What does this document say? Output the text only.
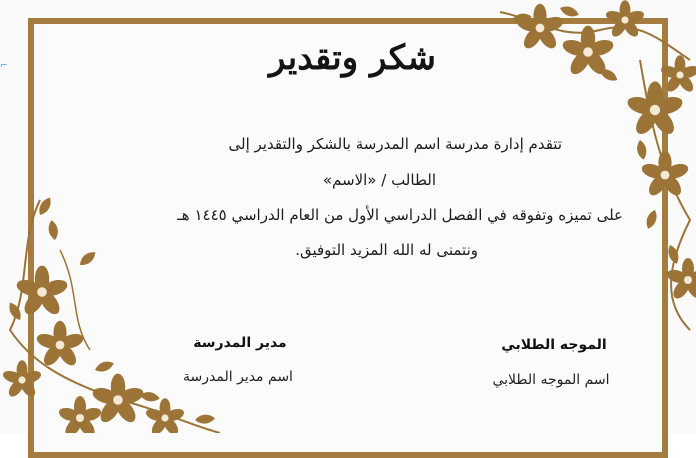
⌐	شكر وتقدير
تتقدم إدارة مدرسة اسم المدرسة بالشكر والتقدير إلى
الطالب / «الاسم»
على تميزه وتفوقه في الفصل الدراسي الأول من العام الدراسي ١٤٤٥ هـ
ونتمنى له الله المزيد التوفيق.
مدير المدرسة
اسم مدير المدرسة
الموجه الطلابي
اسم الموجه الطلابي
